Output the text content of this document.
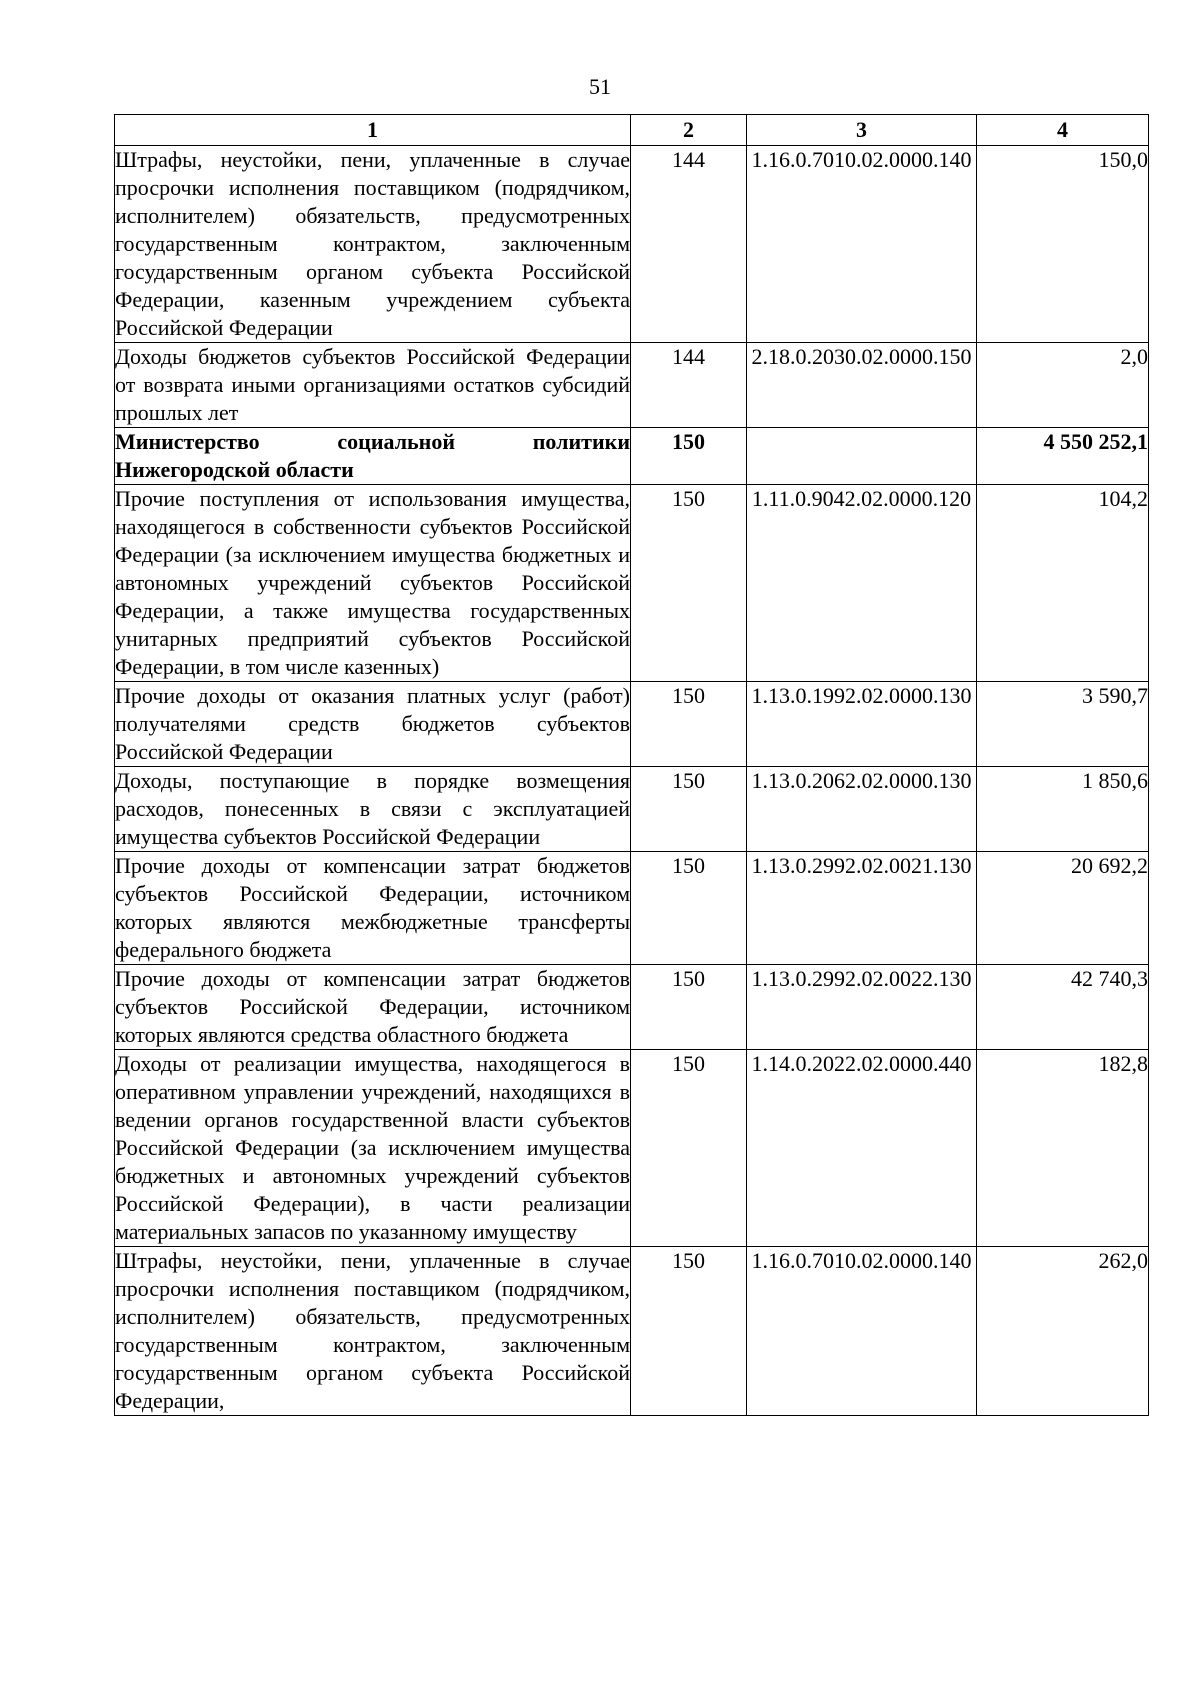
51
1	2	3	4
Штрафы, неустойки, пени, уплаченные в случае просрочки исполнения поставщиком (подрядчиком, исполнителем) обязательств, предусмотренных государственным контрактом, заключенным государственным органом субъекта Российской Федерации, казенным учреждением субъекта Российской Федерации	144	1.16.0.7010.02.0000.140	150,0
Доходы бюджетов субъектов Российской Федерации от возврата иными организациями остатков субсидий прошлых лет	144	2.18.0.2030.02.0000.150	2,0
Министерство социальной политики Нижегородской области	150		4 550 252,1
Прочие поступления от использования имущества, находящегося в собственности субъектов Российской Федерации (за исключением имущества бюджетных и автономных учреждений субъектов Российской Федерации, а также имущества государственных унитарных предприятий субъектов Российской Федерации, в том числе казенных)	150	1.11.0.9042.02.0000.120	104,2
Прочие доходы от оказания платных услуг (работ) получателями средств бюджетов субъектов Российской Федерации	150	1.13.0.1992.02.0000.130	3 590,7
Доходы, поступающие в порядке возмещения расходов, понесенных в связи с эксплуатацией имущества субъектов Российской Федерации	150	1.13.0.2062.02.0000.130	1 850,6
Прочие доходы от компенсации затрат бюджетов субъектов Российской Федерации, источником которых являются межбюджетные трансферты федерального бюджета	150	1.13.0.2992.02.0021.130	20 692,2
Прочие доходы от компенсации затрат бюджетов субъектов Российской Федерации, источником которых являются средства областного бюджета	150	1.13.0.2992.02.0022.130	42 740,3
Доходы от реализации имущества, находящегося в оперативном управлении учреждений, находящихся в ведении органов государственной власти субъектов Российской Федерации (за исключением имущества бюджетных и автономных учреждений субъектов Российской Федерации), в части реализации материальных запасов по указанному имуществу	150	1.14.0.2022.02.0000.440	182,8
Штрафы, неустойки, пени, уплаченные в случае просрочки исполнения поставщиком (подрядчиком, исполнителем) обязательств, предусмотренных государственным контрактом, заключенным государственным органом субъекта Российской Федерации,	150	1.16.0.7010.02.0000.140	262,0
